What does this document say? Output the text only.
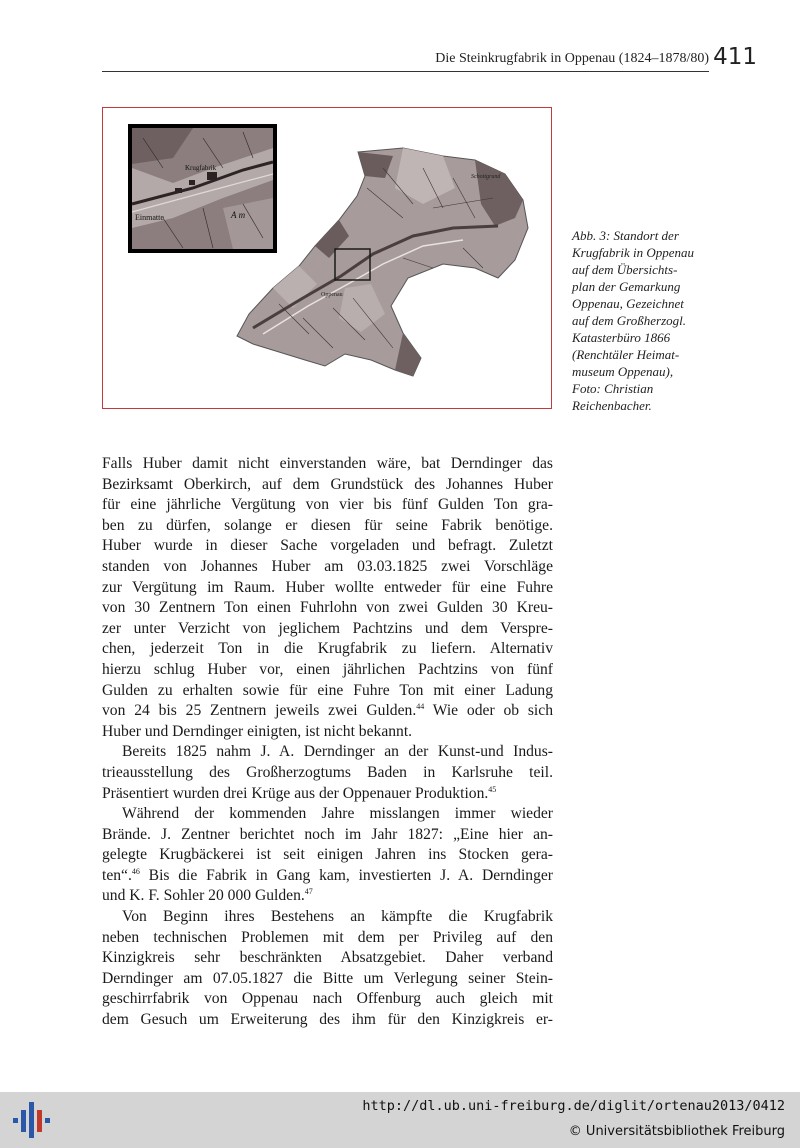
Die Steinkrugfabrik in Oppenau (1824–1878/80) 411
Oppenau
Schottgrund
Krugfabrik
Einmatte	A m
Abb. 3: Standort der
Krugfabrik in Oppenau
auf dem Übersichts-
plan der Gemarkung
Oppenau, Gezeichnet
auf dem Großherzogl.
Katasterbüro 1866
(Renchtäler Heimat-
museum Oppenau),
Foto: Christian
Reichenbacher.
Falls Huber damit nicht einverstanden wäre, bat Derndinger das
Bezirksamt Oberkirch, auf dem Grundstück des Johannes Huber
für eine jährliche Vergütung von vier bis fünf Gulden Ton gra-
ben zu dürfen, solange er diesen für seine Fabrik benötige.
Huber wurde in dieser Sache vorgeladen und befragt. Zuletzt
standen von Johannes Huber am 03.03.1825 zwei Vorschläge
zur Vergütung im Raum. Huber wollte entweder für eine Fuhre
von 30 Zentnern Ton einen Fuhrlohn von zwei Gulden 30 Kreu-
zer unter Verzicht von jeglichem Pachtzins und dem Verspre-
chen, jederzeit Ton in die Krugfabrik zu liefern. Alternativ
hierzu schlug Huber vor, einen jährlichen Pachtzins von fünf
Gulden zu erhalten sowie für eine Fuhre Ton mit einer Ladung
von 24 bis 25 Zentnern jeweils zwei Gulden.$^{44}$ Wie oder ob sich
Huber und Derndinger einigten, ist nicht bekannt.
Bereits 1825 nahm J. A. Derndinger an der Kunst-und Indus-
trieausstellung des Großherzogtums Baden in Karlsruhe teil.
Präsentiert wurden drei Krüge aus der Oppenauer Produktion.$^{45}$
Während der kommenden Jahre misslangen immer wieder
Brände. J. Zentner berichtet noch im Jahr 1827: „Eine hier an-
gelegte Krugbäckerei ist seit einigen Jahren ins Stocken gera-
ten“.$^{46}$ Bis die Fabrik in Gang kam, investierten J. A. Derndinger
und K. F. Sohler 20 000 Gulden.$^{47}$
Von Beginn ihres Bestehens an kämpfte die Krugfabrik
neben technischen Problemen mit dem per Privileg auf den
Kinzigkreis sehr beschränkten Absatzgebiet. Daher verband
Derndinger am 07.05.1827 die Bitte um Verlegung seiner Stein-
geschirrfabrik von Oppenau nach Offenburg auch gleich mit
dem Gesuch um Erweiterung des ihm für den Kinzigkreis er-
http://dl.ub.uni-freiburg.de/diglit/ortenau2013/0412
© Universitätsbibliothek Freiburg
